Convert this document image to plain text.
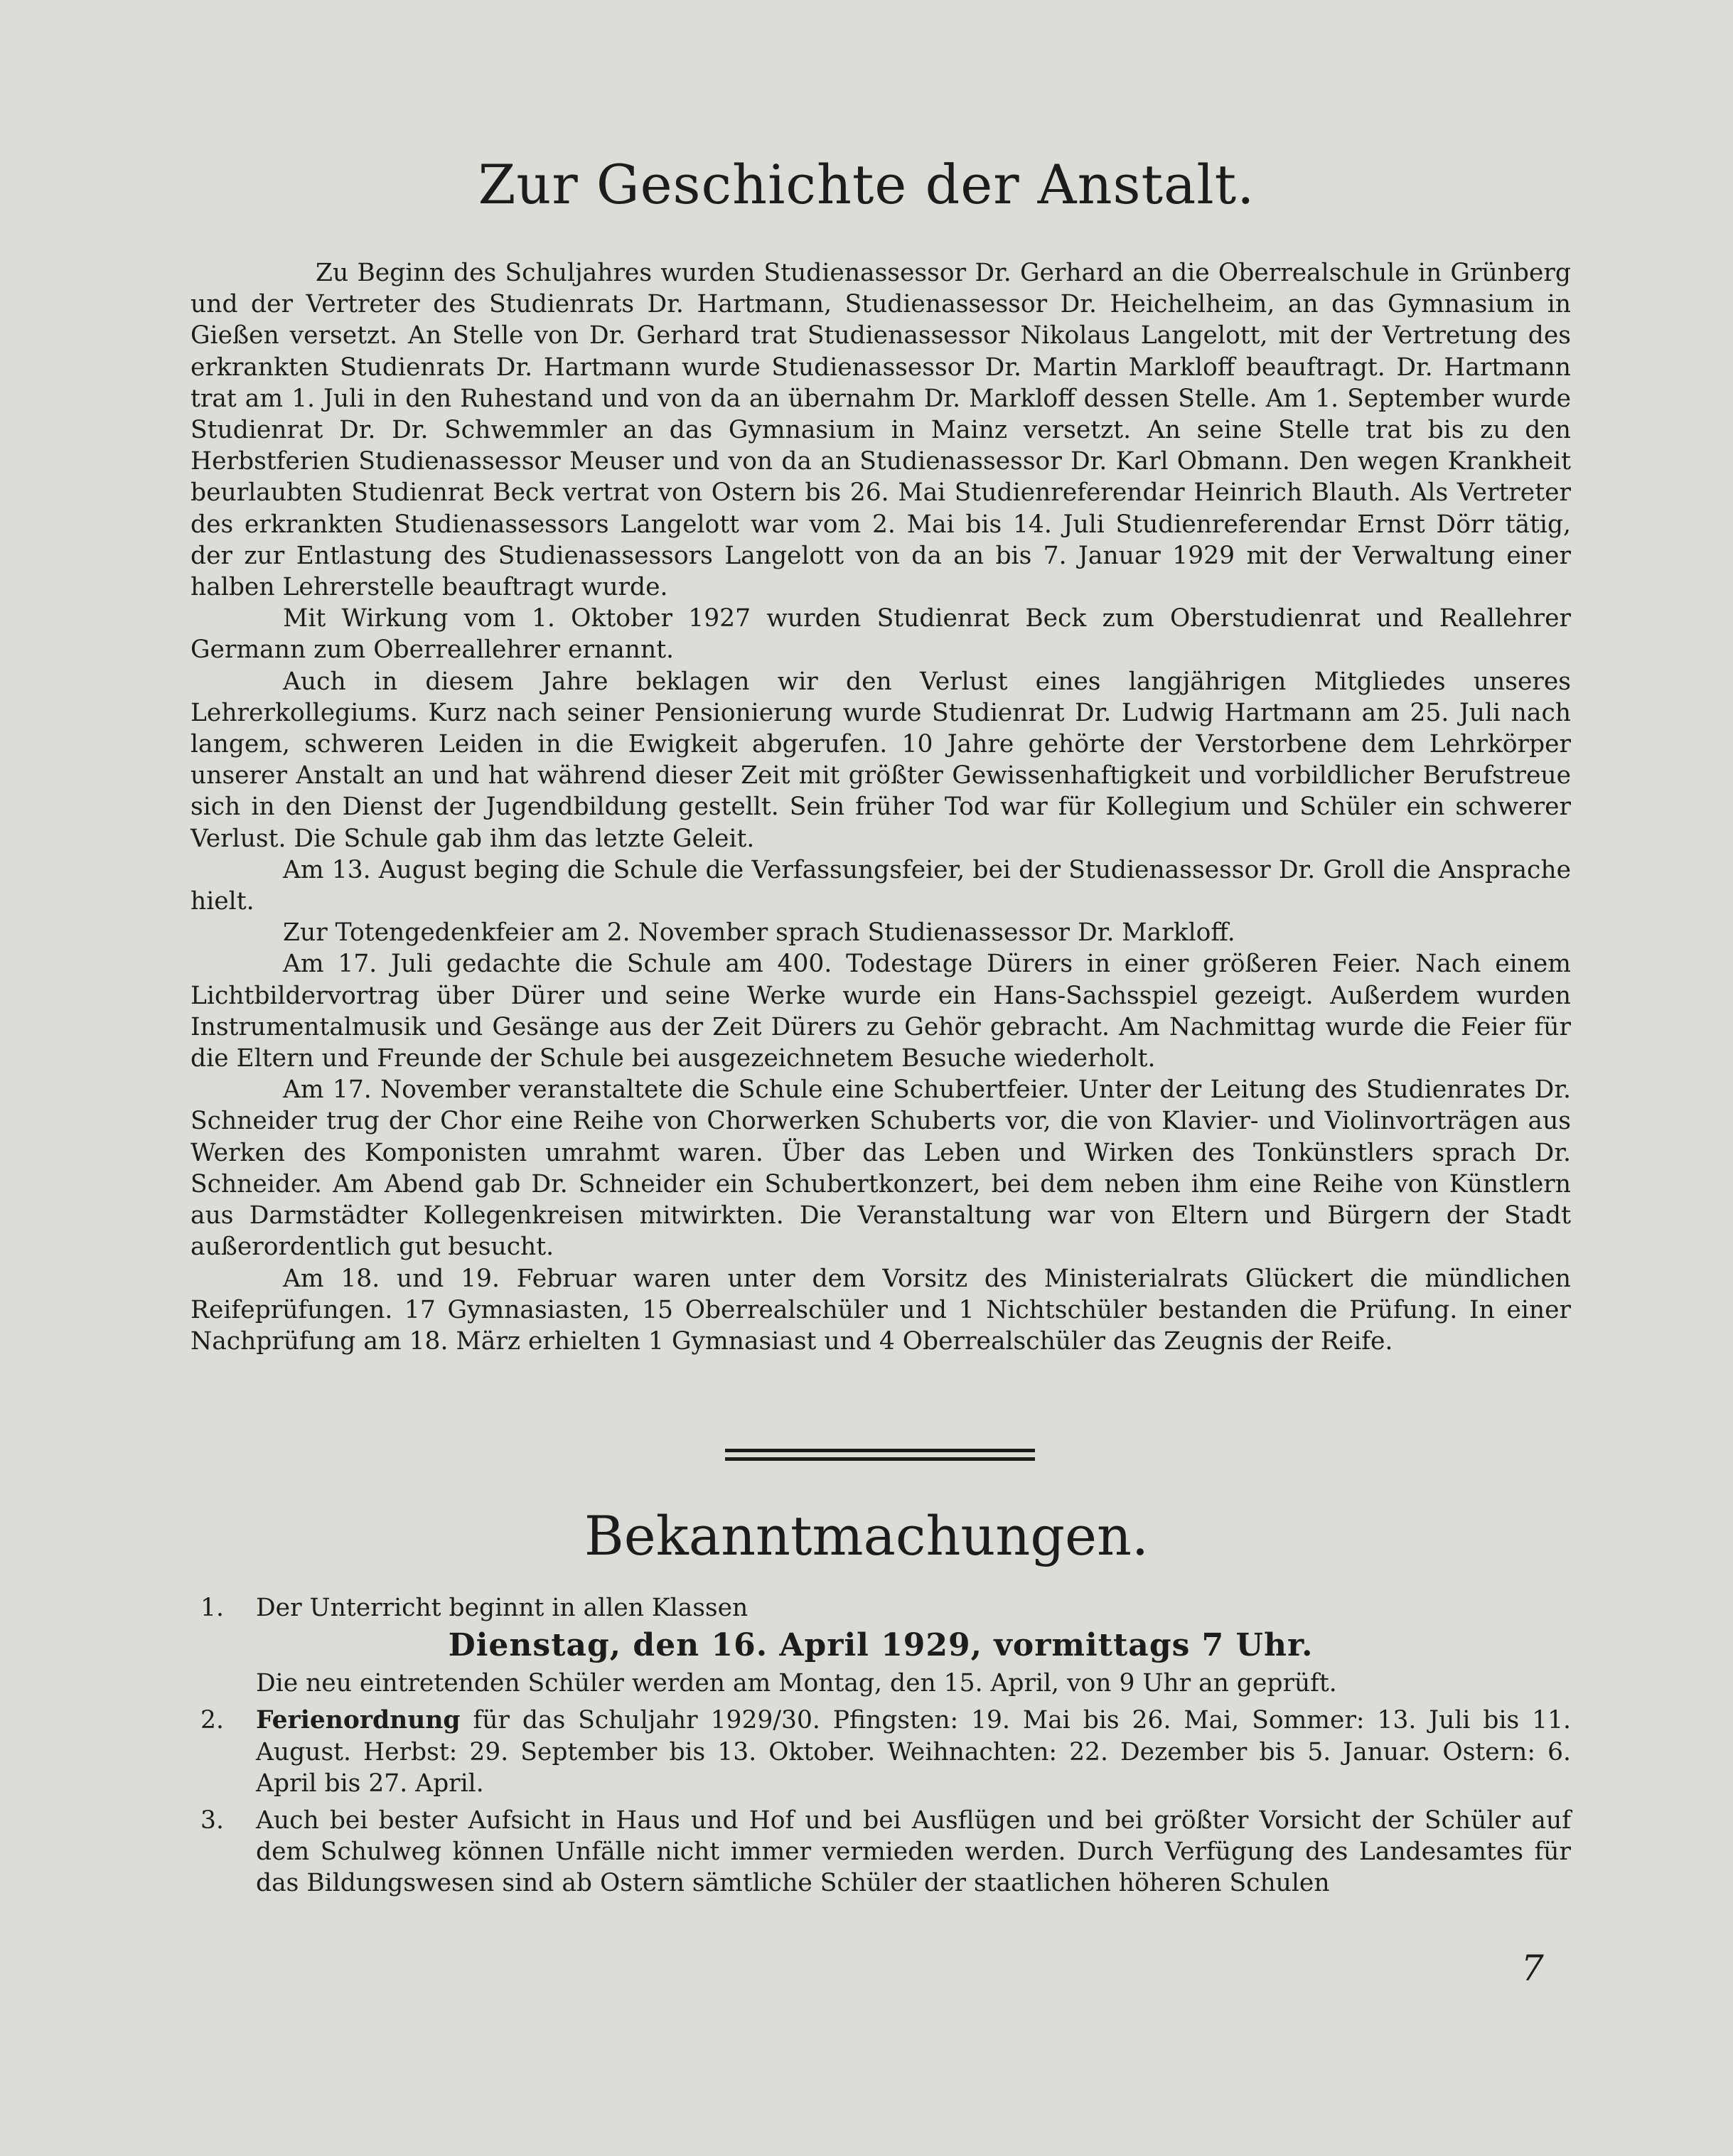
Zur Geschichte der Anstalt.

Zu Beginn des Schuljahres wurden Studienassessor Dr. Gerhard an die Oberrealschule in Grünberg und der Vertreter des Studienrats Dr. Hartmann, Studienassessor Dr. Heichelheim, an das Gymnasium in Gießen versetzt. An Stelle von Dr. Gerhard trat Studienassessor Nikolaus Langelott, mit der Vertretung des erkrankten Studienrats Dr. Hartmann wurde Studienassessor Dr. Martin Markloff beauftragt. Dr. Hartmann trat am 1. Juli in den Ruhestand und von da an übernahm Dr. Markloff dessen Stelle. Am 1. September wurde Studienrat Dr. Dr. Schwemmler an das Gymnasium in Mainz versetzt. An seine Stelle trat bis zu den Herbstferien Studienassessor Meuser und von da an Studienassessor Dr. Karl Obmann. Den wegen Krankheit beurlaubten Studienrat Beck vertrat von Ostern bis 26. Mai Studienreferendar Heinrich Blauth. Als Vertreter des erkrankten Studienassessors Langelott war vom 2. Mai bis 14. Juli Studienreferendar Ernst Dörr tätig, der zur Entlastung des Studienassessors Langelott von da an bis 7. Januar 1929 mit der Verwaltung einer halben Lehrerstelle beauftragt wurde.

Mit Wirkung vom 1. Oktober 1927 wurden Studienrat Beck zum Oberstudienrat und Reallehrer Germann zum Oberreallehrer ernannt.

Auch in diesem Jahre beklagen wir den Verlust eines langjährigen Mitgliedes unseres Lehrerkollegiums. Kurz nach seiner Pensionierung wurde Studienrat Dr. Ludwig Hartmann am 25. Juli nach langem, schweren Leiden in die Ewigkeit abgerufen. 10 Jahre gehörte der Verstorbene dem Lehrkörper unserer Anstalt an und hat während dieser Zeit mit größter Gewissenhaftigkeit und vorbildlicher Berufstreue sich in den Dienst der Jugendbildung gestellt. Sein früher Tod war für Kollegium und Schüler ein schwerer Verlust. Die Schule gab ihm das letzte Geleit.

Am 13. August beging die Schule die Verfassungsfeier, bei der Studienassessor Dr. Groll die Ansprache hielt.

Zur Totengedenkfeier am 2. November sprach Studienassessor Dr. Markloff.

Am 17. Juli gedachte die Schule am 400. Todestage Dürers in einer größeren Feier. Nach einem Lichtbildervortrag über Dürer und seine Werke wurde ein Hans-Sachsspiel gezeigt. Außerdem wurden Instrumentalmusik und Gesänge aus der Zeit Dürers zu Gehör gebracht. Am Nachmittag wurde die Feier für die Eltern und Freunde der Schule bei ausgezeichnetem Besuche wiederholt.

Am 17. November veranstaltete die Schule eine Schubertfeier. Unter der Leitung des Studienrates Dr. Schneider trug der Chor eine Reihe von Chorwerken Schuberts vor, die von Klavier- und Violinvorträgen aus Werken des Komponisten umrahmt waren. Über das Leben und Wirken des Tonkünstlers sprach Dr. Schneider. Am Abend gab Dr. Schneider ein Schubertkonzert, bei dem neben ihm eine Reihe von Künstlern aus Darmstädter Kollegenkreisen mitwirkten. Die Veranstaltung war von Eltern und Bürgern der Stadt außerordentlich gut besucht.

Am 18. und 19. Februar waren unter dem Vorsitz des Ministerialrats Glückert die mündlichen Reifeprüfungen. 17 Gymnasiasten, 15 Oberrealschüler und 1 Nichtschüler bestanden die Prüfung. In einer Nachprüfung am 18. März erhielten 1 Gymnasiast und 4 Oberrealschüler das Zeugnis der Reife.

Bekanntmachungen.
1. Der Unterricht beginnt in allen Klassen
Dienstag, den 16. April 1929, vormittags 7 Uhr.
Die neu eintretenden Schüler werden am Montag, den 15. April, von 9 Uhr an geprüft.
2. Ferienordnung für das Schuljahr 1929/30. Pfingsten: 19. Mai bis 26. Mai, Sommer: 13. Juli bis 11. August. Herbst: 29. September bis 13. Oktober. Weihnachten: 22. Dezember bis 5. Januar. Ostern: 6. April bis 27. April.
3. Auch bei bester Aufsicht in Haus und Hof und bei Ausflügen und bei größter Vorsicht der Schüler auf dem Schulweg können Unfälle nicht immer vermieden werden. Durch Verfügung des Landesamtes für das Bildungswesen sind ab Ostern sämtliche Schüler der staatlichen höheren Schulen
7
